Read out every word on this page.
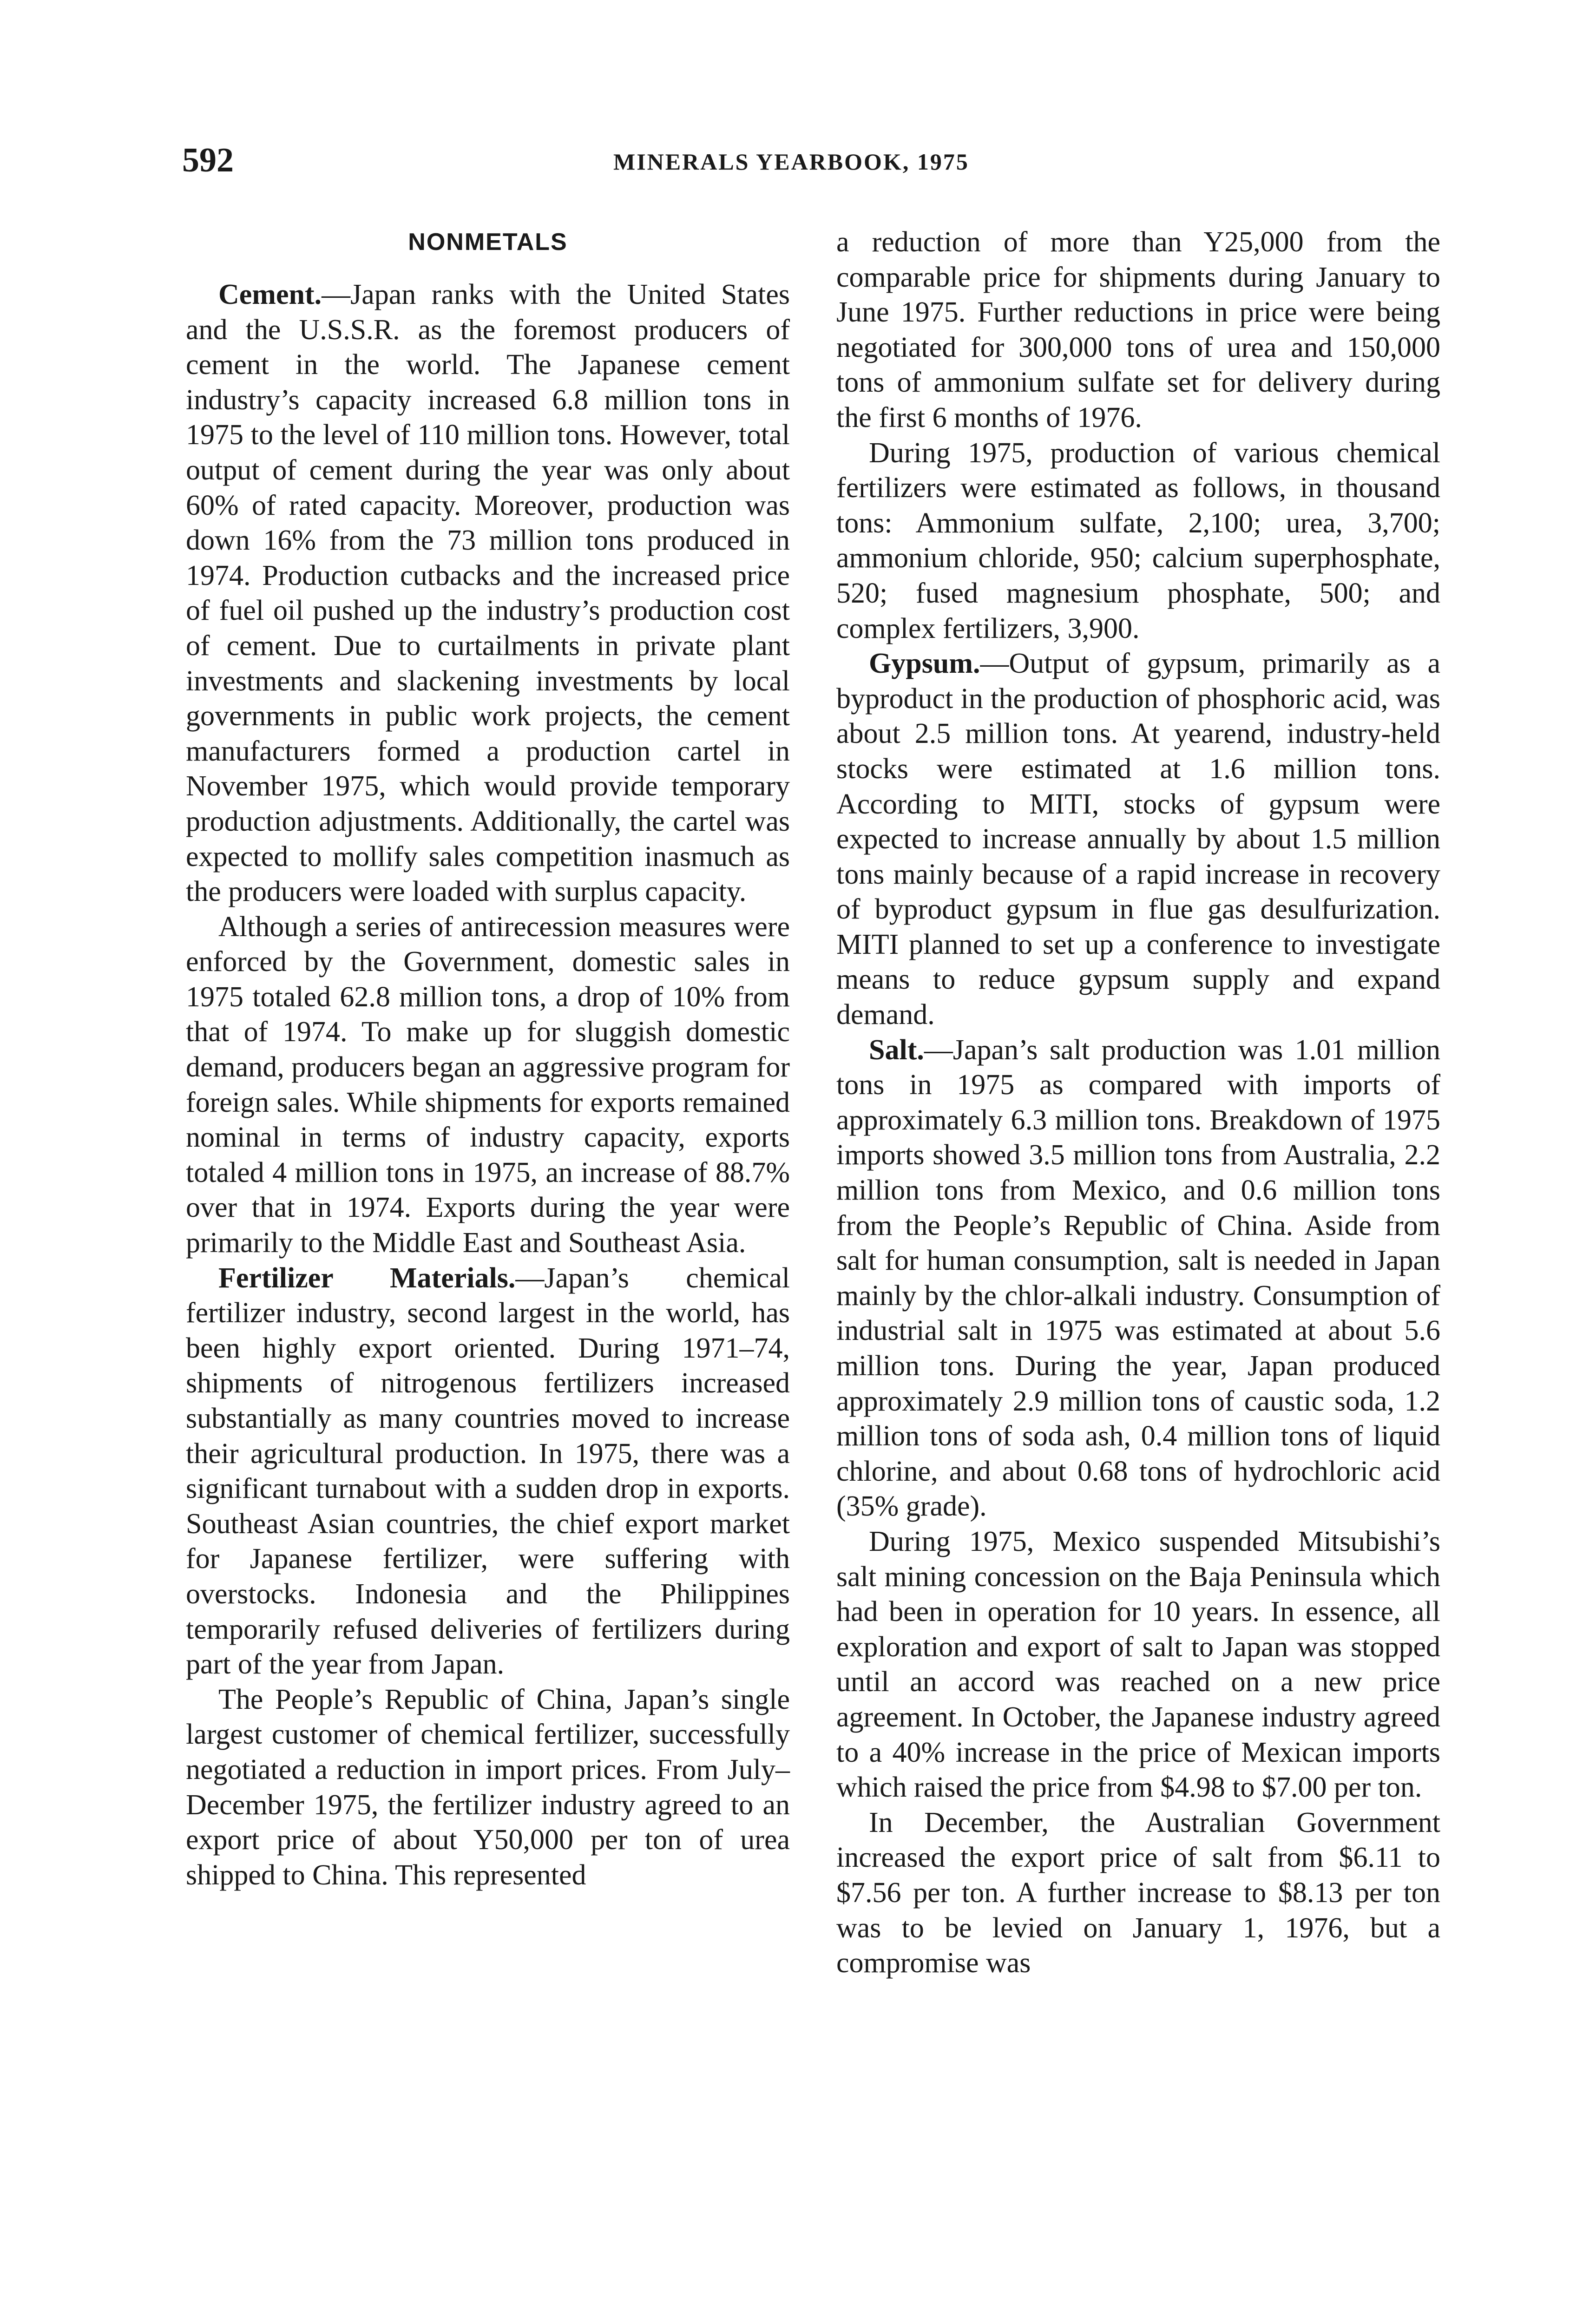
592	MINERALS YEARBOOK, 1975
NONMETALS

Cement.—Japan ranks with the United States and the U.S.S.R. as the foremost producers of cement in the world. The Japanese cement industry’s capacity increased 6.8 million tons in 1975 to the level of 110 million tons. However, total output of cement during the year was only about 60% of rated capacity. Moreover, production was down 16% from the 73 million tons produced in 1974. Production cutbacks and the increased price of fuel oil pushed up the industry’s production cost of cement. Due to curtailments in private plant investments and slackening investments by local governments in public work projects, the cement manufacturers formed a production cartel in November 1975, which would provide temporary production adjustments. Additionally, the cartel was expected to mollify sales competition inasmuch as the producers were loaded with surplus capacity.

Although a series of antirecession measures were enforced by the Government, domestic sales in 1975 totaled 62.8 million tons, a drop of 10% from that of 1974. To make up for sluggish domestic demand, producers began an aggressive program for foreign sales. While shipments for exports remained nominal in terms of industry capacity, exports totaled 4 million tons in 1975, an increase of 88.7% over that in 1974. Exports during the year were primarily to the Middle East and Southeast Asia.

Fertilizer Materials.—Japan’s chemical fertilizer industry, second largest in the world, has been highly export oriented. During 1971–74, shipments of nitrogenous fertilizers increased substantially as many countries moved to increase their agricultural production. In 1975, there was a significant turnabout with a sudden drop in exports. Southeast Asian countries, the chief export market for Japanese fertilizer, were suffering with overstocks. Indonesia and the Philippines temporarily refused deliveries of fertilizers during part of the year from Japan.

The People’s Republic of China, Japan’s single largest customer of chemical fertilizer, successfully negotiated a reduction in import prices. From July–December 1975, the fertilizer industry agreed to an export price of about Y50,000 per ton of urea shipped to China. This represented

a reduction of more than Y25,000 from the comparable price for shipments during January to June 1975. Further reductions in price were being negotiated for 300,000 tons of urea and 150,000 tons of ammonium sulfate set for delivery during the first 6 months of 1976.

During 1975, production of various chemical fertilizers were estimated as follows, in thousand tons: Ammonium sulfate, 2,100; urea, 3,700; ammonium chloride, 950; calcium superphosphate, 520; fused magnesium phosphate, 500; and complex fertilizers, 3,900.

Gypsum.—Output of gypsum, primarily as a byproduct in the production of phosphoric acid, was about 2.5 million tons. At yearend, industry-held stocks were estimated at 1.6 million tons. According to MITI, stocks of gypsum were expected to increase annually by about 1.5 million tons mainly because of a rapid increase in recovery of byproduct gypsum in flue gas desulfurization. MITI planned to set up a conference to investigate means to reduce gypsum supply and expand demand.

Salt.—Japan’s salt production was 1.01 million tons in 1975 as compared with imports of approximately 6.3 million tons. Breakdown of 1975 imports showed 3.5 million tons from Australia, 2.2 million tons from Mexico, and 0.6 million tons from the People’s Republic of China. Aside from salt for human consumption, salt is needed in Japan mainly by the chlor-alkali industry. Consumption of industrial salt in 1975 was estimated at about 5.6 million tons. During the year, Japan produced approximately 2.9 million tons of caustic soda, 1.2 million tons of soda ash, 0.4 million tons of liquid chlorine, and about 0.68 tons of hydrochloric acid (35% grade).

During 1975, Mexico suspended Mitsubishi’s salt mining concession on the Baja Peninsula which had been in operation for 10 years. In essence, all exploration and export of salt to Japan was stopped until an accord was reached on a new price agreement. In October, the Japanese industry agreed to a 40% increase in the price of Mexican imports which raised the price from $4.98 to $7.00 per ton.

In December, the Australian Government increased the export price of salt from $6.11 to $7.56 per ton. A further increase to $8.13 per ton was to be levied on January 1, 1976, but a compromise was
